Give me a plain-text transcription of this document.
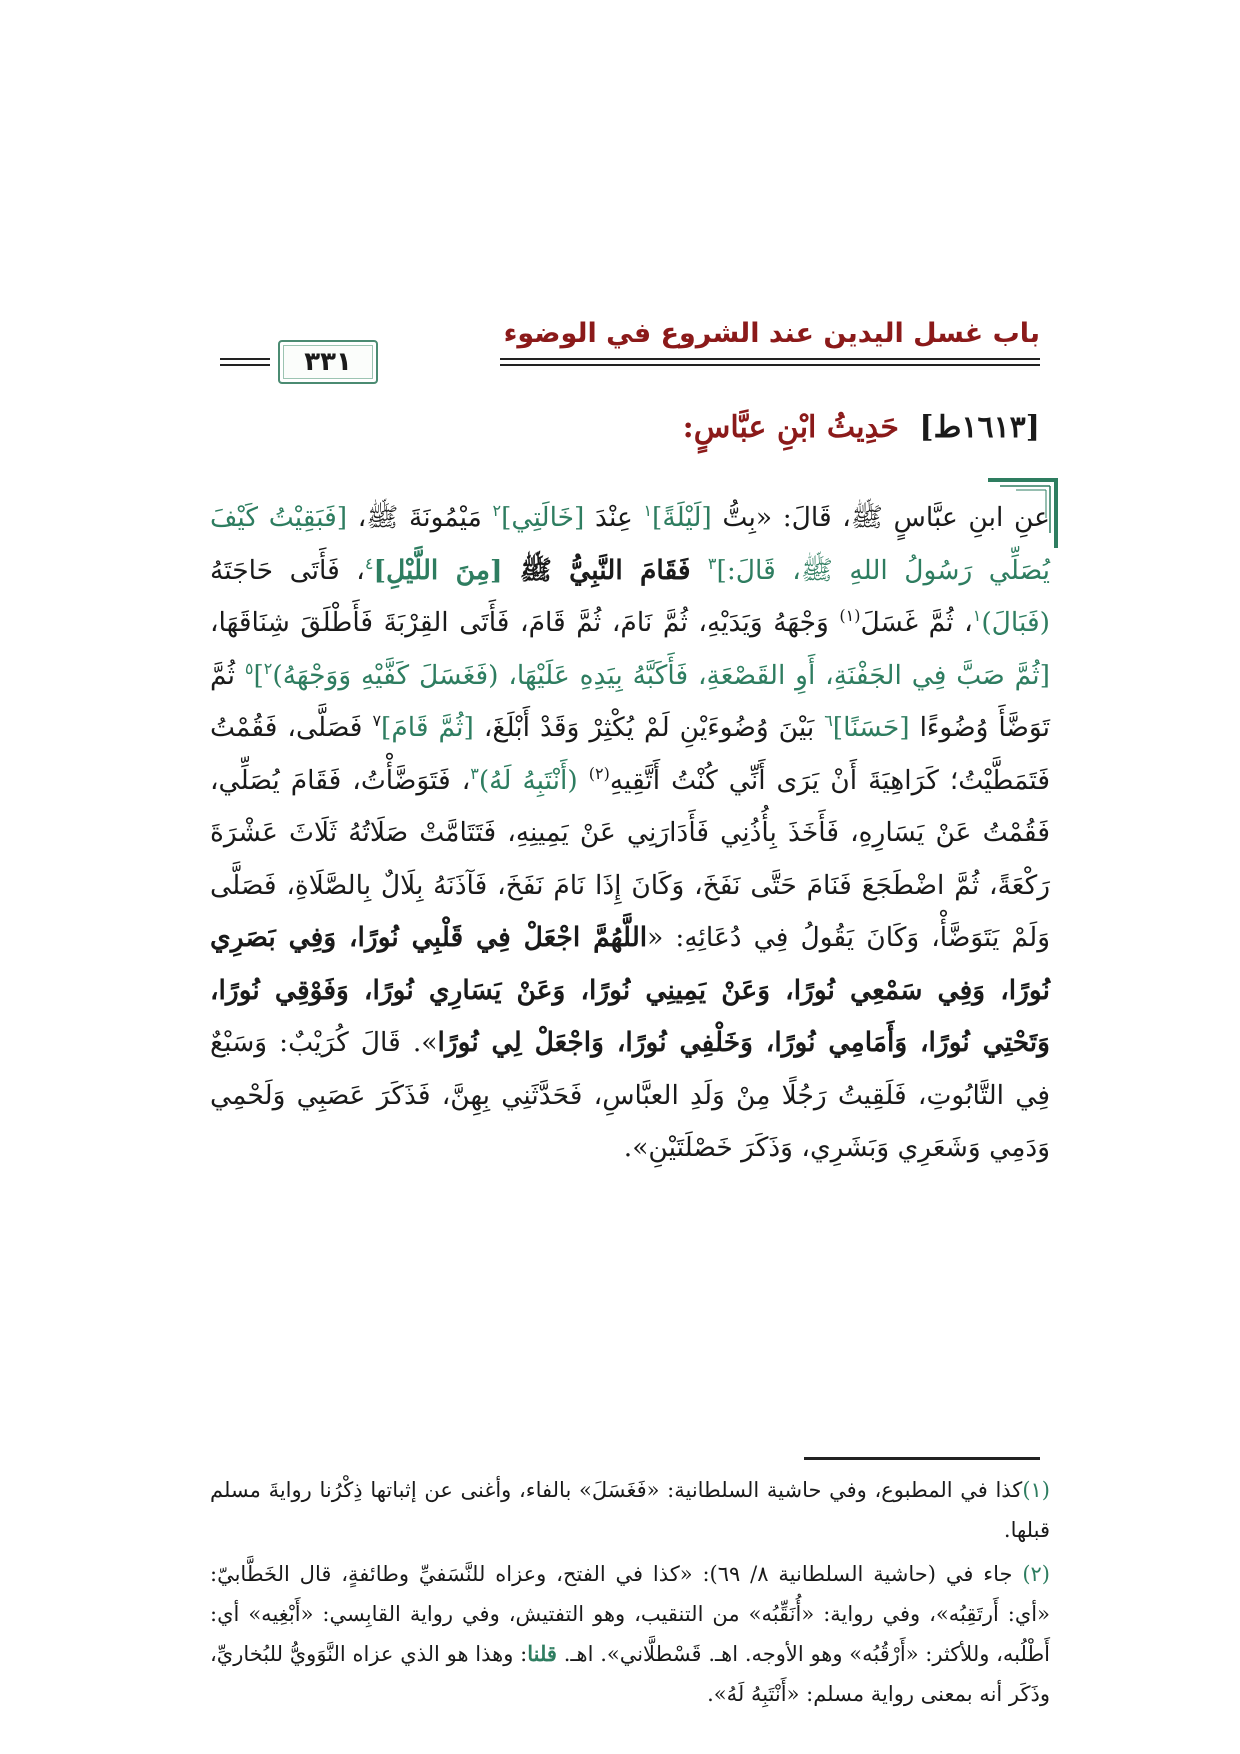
باب غسل اليدين عند الشروع في الوضوء
٣٣١
[١٦١٣ط] حَدِيثُ ابْنِ عبَّاسٍ:
عنِ ابنِ عبَّاسٍ ﷺ، قَالَ: «بِتُّ [لَيْلَةً]$^١$ عِنْدَ [خَالَتِي]$^٢$ مَيْمُونَةَ ﷺ، [فَبَقِيْتُ كَيْفَ يُصَلِّي رَسُولُ اللهِ ﷺ، قَالَ:]$^٣$ فَقَامَ النَّبِيُّ ﷺ [مِنَ اللَّيْلِ]$^٤$، فَأَتَى حَاجَتَهُ (فَبَالَ)$^١$، ثُمَّ غَسَلَ$^{(١)}$ وَجْهَهُ وَيَدَيْهِ، ثُمَّ نَامَ، ثُمَّ قَامَ، فَأَتَى القِرْبَةَ فَأَطْلَقَ شِنَاقَهَا، [ثُمَّ صَبَّ فِي الجَفْنَةِ، أَوِ القَصْعَةِ، فَأَكَبَّهُ بِيَدِهِ عَلَيْهَا، (فَغَسَلَ كَفَّيْهِ وَوَجْهَهُ)$^٢$]$^٥$ ثُمَّ تَوَضَّأَ وُضُوءًا [حَسَنًا]$^٦$ بَيْنَ وُضُوءَيْنِ لَمْ يُكْثِرْ وَقَدْ أَبْلَغَ، [ثُمَّ قَامَ]$^٧$ فَصَلَّى، فَقُمْتُ فَتَمَطَّيْتُ؛ كَرَاهِيَةَ أَنْ يَرَى أَنِّي كُنْتُ أَتَّقِيهِ$^{(٢)}$ (أَنْتَبِهُ لَهُ)$^٣$، فَتَوَضَّأْتُ، فَقَامَ يُصَلِّي، فَقُمْتُ عَنْ يَسَارِهِ، فَأَخَذَ بِأُذُنِي فَأَدَارَنِي عَنْ يَمِينِهِ، فَتَتَامَّتْ صَلَاتُهُ ثَلَاثَ عَشْرَةَ رَكْعَةً، ثُمَّ اضْطَجَعَ فَنَامَ حَتَّى نَفَخَ، وَكَانَ إِذَا نَامَ نَفَخَ، فَآذَنَهُ بِلَالٌ بِالصَّلَاةِ، فَصَلَّى وَلَمْ يَتَوَضَّأْ، وَكَانَ يَقُولُ فِي دُعَائِهِ: «اللَّهُمَّ اجْعَلْ فِي قَلْبِي نُورًا، وَفِي بَصَرِي نُورًا، وَفِي سَمْعِي نُورًا، وَعَنْ يَمِينِي نُورًا، وَعَنْ يَسَارِي نُورًا، وَفَوْقِي نُورًا، وَتَحْتِي نُورًا، وَأَمَامِي نُورًا، وَخَلْفِي نُورًا، وَاجْعَلْ لِي نُورًا». قَالَ كُرَيْبٌ: وَسَبْعٌ فِي التَّابُوتِ، فَلَقِيتُ رَجُلًا مِنْ وَلَدِ العبَّاسِ، فَحَدَّثَنِي بِهِنَّ، فَذَكَرَ عَصَبِي وَلَحْمِي وَدَمِي وَشَعَرِي وَبَشَرِي، وَذَكَرَ خَصْلَتَيْنِ».

(١)كذا في المطبوع، وفي حاشية السلطانية: «فَغَسَلَ» بالفاء، وأغنى عن إثباتها ذِكْرُنا روايةَ مسلم قبلها.

(٢) جاء في (حاشية السلطانية ٨/ ٦٩): «كذا في الفتح، وعزاه للنَّسَفيِّ وطائفةٍ، قال الخَطَّابيّ: «أي: أَرتَقِبُه»، وفي رواية: «أُنَقِّبُه» من التنقيب، وهو التفتيش، وفي رواية القابِسي: «أَبْغِيه» أي: أَطْلُبه، وللأكثر: «أَرْقُبُه» وهو الأوجه. اهـ. قَسْطلَّاني». اهـ. قلنا: وهذا هو الذي عزاه النَّوَويُّ للبُخاريِّ، وذَكَر أنه بمعنى رواية مسلم: «أَنْتَبِهُ لَهُ».
